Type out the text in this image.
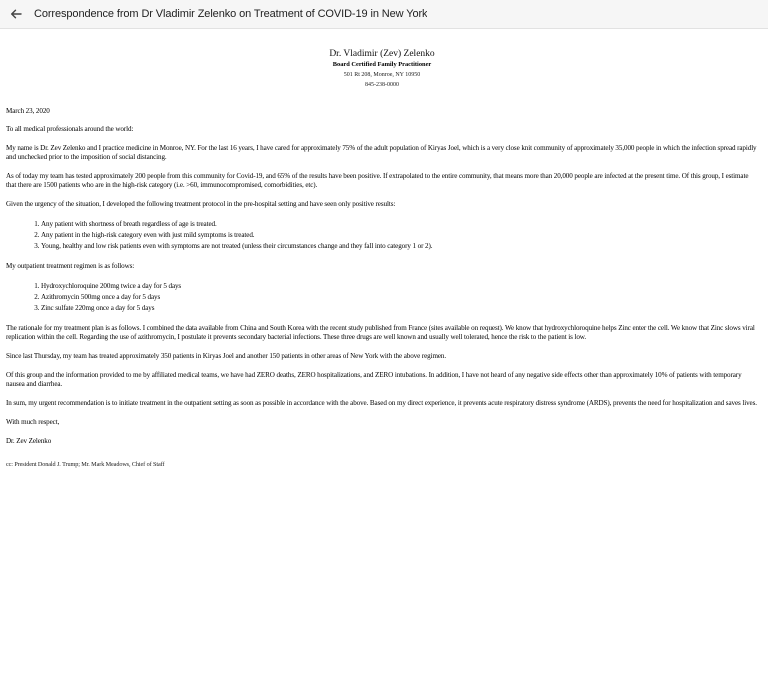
Correspondence from Dr Vladimir Zelenko on Treatment of COVID-19 in New York
Dr. Vladimir (Zev) Zelenko
Board Certified Family Practitioner
501 Rt 208, Monroe, NY 10950
845-238-0000

March 23, 2020

To all medical professionals around the world:

My name is Dr. Zev Zelenko and I practice medicine in Monroe, NY. For the last 16 years, I have cared for approximately 75% of the adult population of Kiryas Joel, which is a very close knit community of approximately 35,000 people in which the infection spread rapidly and unchecked prior to the imposition of social distancing.

As of today my team has tested approximately 200 people from this community for Covid-19, and 65% of the results have been positive. If extrapolated to the entire community, that means more than 20,000 people are infected at the present time. Of this group, I estimate that there are 1500 patients who are in the high-risk category (i.e. >60, immunocompromised, comorbidities, etc).

Given the urgency of the situation, I developed the following treatment protocol in the pre-hospital setting and have seen only positive results:

1. Any patient with shortness of breath regardless of age is treated.
2. Any patient in the high-risk category even with just mild symptoms is treated.
3. Young, healthy and low risk patients even with symptoms are not treated (unless their circumstances change and they fall into category 1 or 2).

My outpatient treatment regimen is as follows:

1. Hydroxychloroquine 200mg twice a day for 5 days
2. Azithromycin 500mg once a day for 5 days
3. Zinc sulfate 220mg once a day for 5 days

The rationale for my treatment plan is as follows. I combined the data available from China and South Korea with the recent study published from France (sites available on request). We know that hydroxychloroquine helps Zinc enter the cell. We know that Zinc slows viral replication within the cell. Regarding the use of azithromycin, I postulate it prevents secondary bacterial infections. These three drugs are well known and usually well tolerated, hence the risk to the patient is low.

Since last Thursday, my team has treated approximately 350 patients in Kiryas Joel and another 150 patients in other areas of New York with the above regimen.

Of this group and the information provided to me by affiliated medical teams, we have had ZERO deaths, ZERO hospitalizations, and ZERO intubations. In addition, I have not heard of any negative side effects other than approximately 10% of patients with temporary nausea and diarrhea.

In sum, my urgent recommendation is to initiate treatment in the outpatient setting as soon as possible in accordance with the above. Based on my direct experience, it prevents acute respiratory distress syndrome (ARDS), prevents the need for hospitalization and saves lives.

With much respect,

Dr. Zev Zelenko

cc: President Donald J. Trump; Mr. Mark Meadows, Chief of Staff
